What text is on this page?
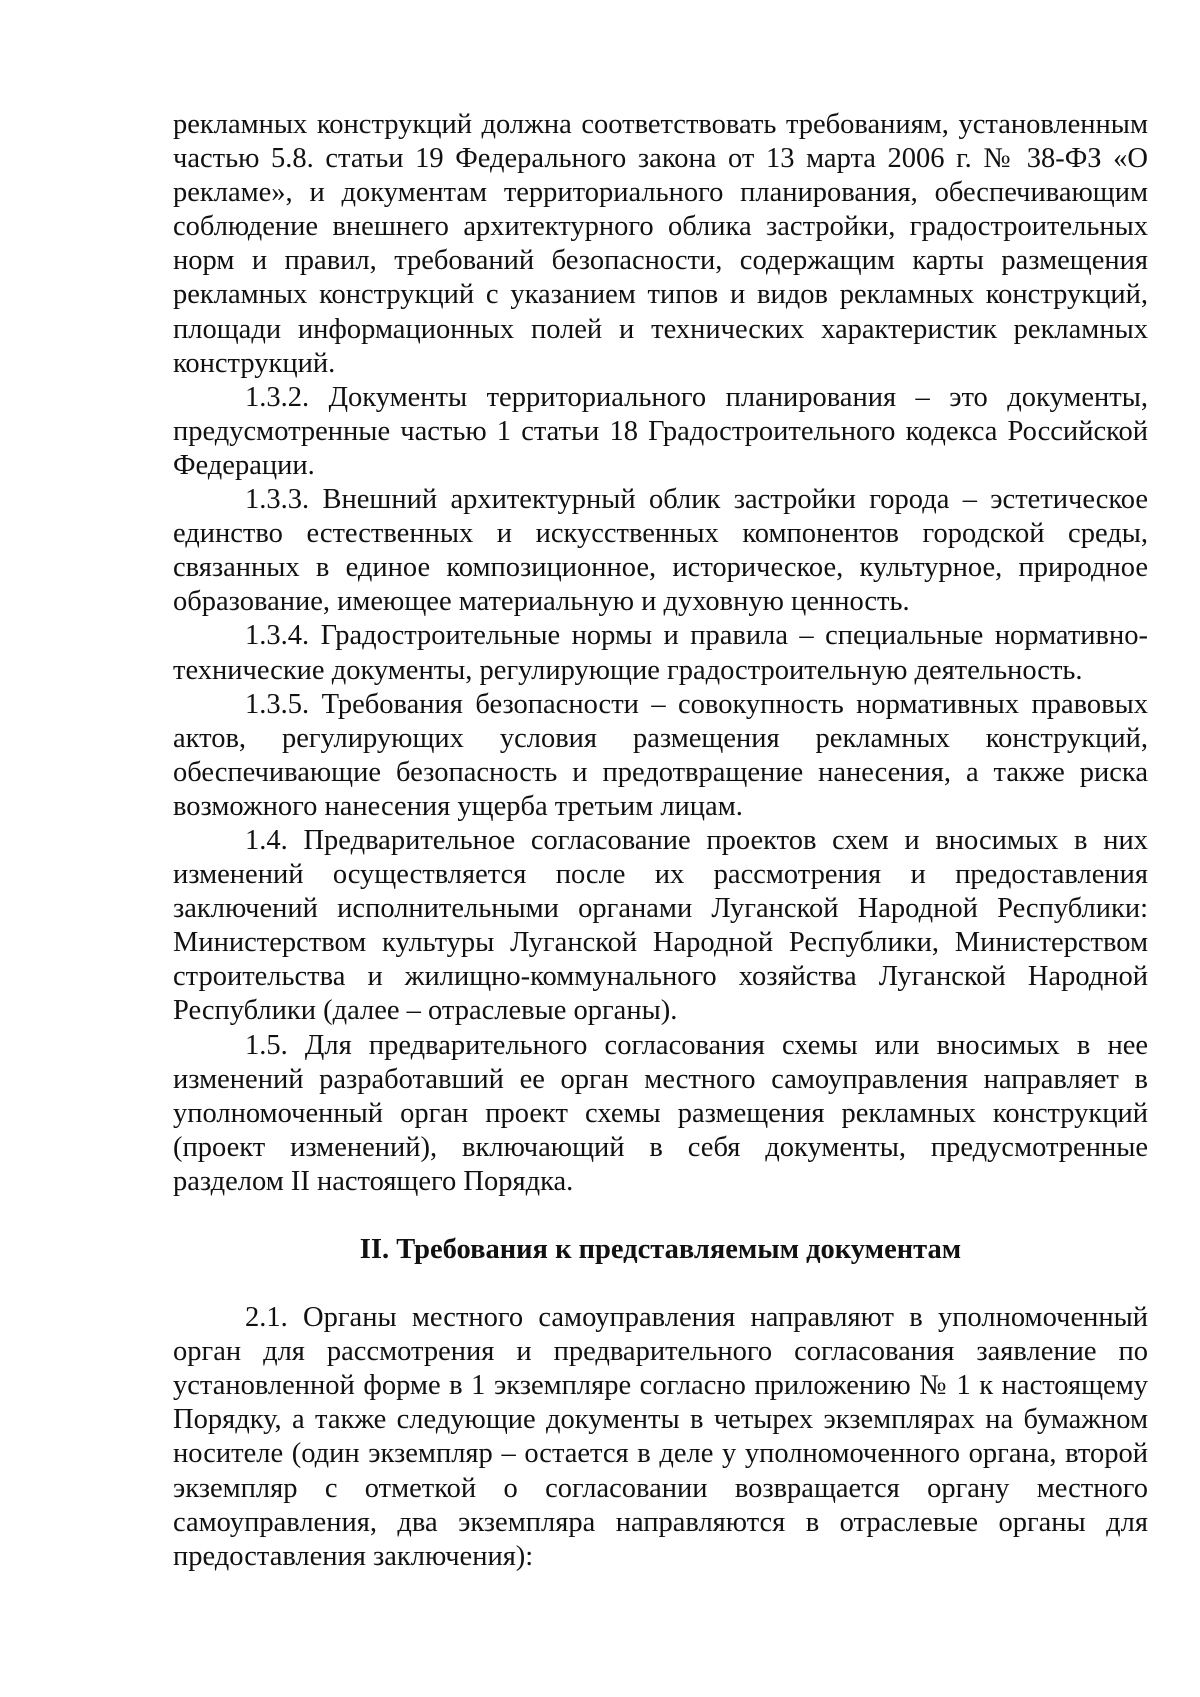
рекламных конструкций должна соответствовать требованиям, установленным частью 5.8. статьи 19 Федерального закона от 13 марта 2006 г. № 38-ФЗ «О рекламе», и документам территориального планирования, обеспечивающим соблюдение внешнего архитектурного облика застройки, градостроительных норм и правил, требований безопасности, содержащим карты размещения рекламных конструкций с указанием типов и видов рекламных конструкций, площади информационных полей и технических характеристик рекламных конструкций.

1.3.2. Документы территориального планирования – это документы, предусмотренные частью 1 статьи 18 Градостроительного кодекса Российской Федерации.

1.3.3. Внешний архитектурный облик застройки города – эстетическое единство естественных и искусственных компонентов городской среды, связанных в единое композиционное, историческое, культурное, природное образование, имеющее материальную и духовную ценность.

1.3.4. Градостроительные нормы и правила – специальные нормативно-технические документы, регулирующие градостроительную деятельность.

1.3.5. Требования безопасности – совокупность нормативных правовых актов, регулирующих условия размещения рекламных конструкций, обеспечивающие безопасность и предотвращение нанесения, а также риска возможного нанесения ущерба третьим лицам.

1.4. Предварительное согласование проектов схем и вносимых в них изменений осуществляется после их рассмотрения и предоставления заключений исполнительными органами Луганской Народной Республики: Министерством культуры Луганской Народной Республики, Министерством строительства и жилищно-коммунального хозяйства Луганской Народной Республики (далее – отраслевые органы).

1.5. Для предварительного согласования схемы или вносимых в нее изменений разработавший ее орган местного самоуправления направляет в уполномоченный орган проект схемы размещения рекламных конструкций (проект изменений), включающий в себя документы, предусмотренные разделом II настоящего Порядка.

II. Требования к представляемым документам

2.1. Органы местного самоуправления направляют в уполномоченный орган для рассмотрения и предварительного согласования заявление по установленной форме в 1 экземпляре согласно приложению № 1 к настоящему Порядку, а также следующие документы в четырех экземплярах на бумажном носителе (один экземпляр – остается в деле у уполномоченного органа, второй экземпляр с отметкой о согласовании возвращается органу местного самоуправления, два экземпляра направляются в отраслевые органы для предоставления заключения):
